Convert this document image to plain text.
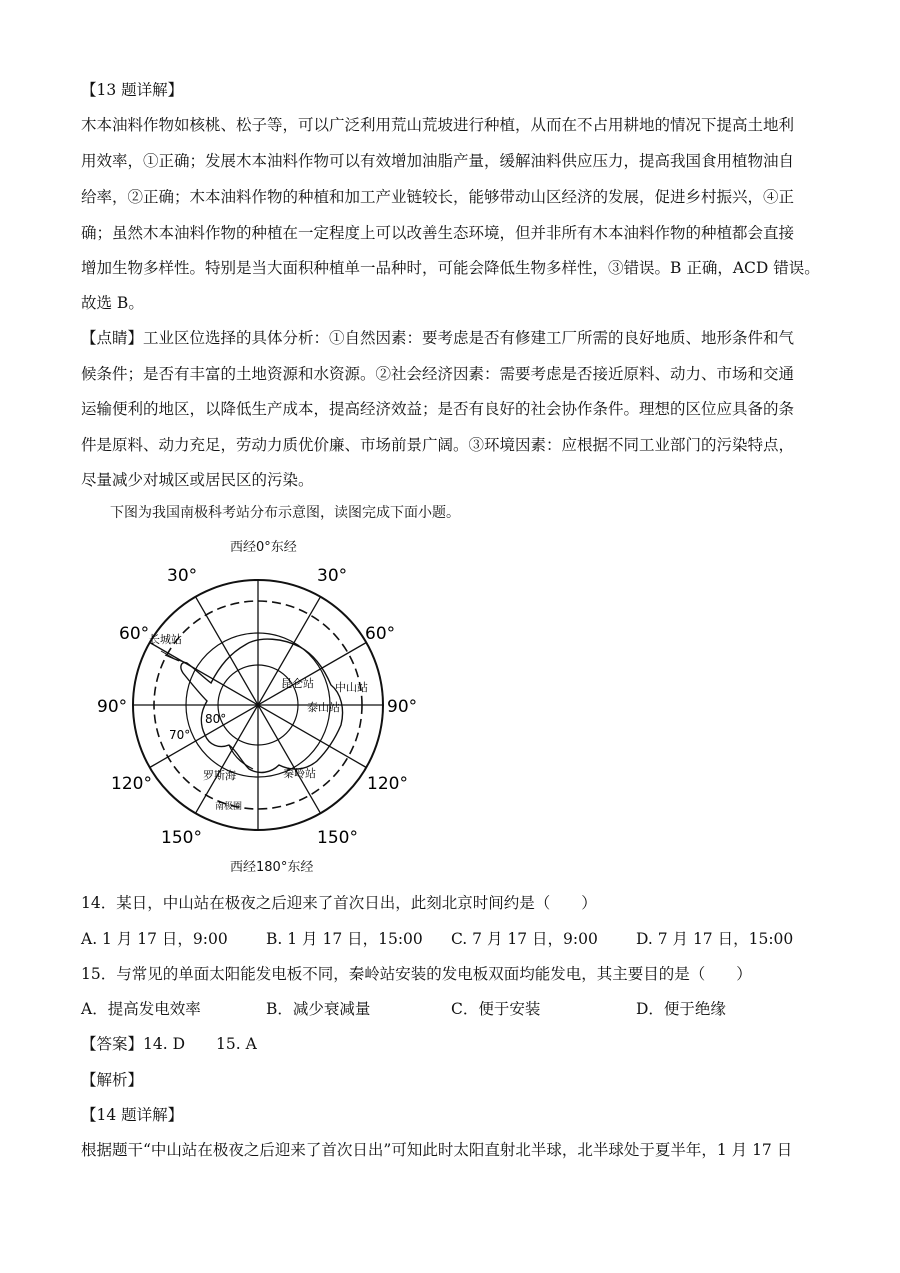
【13 题详解】
木本油料作物如核桃、松子等，可以广泛利用荒山荒坡进行种植，从而在不占用耕地的情况下提高土地利
用效率，①正确；发展木本油料作物可以有效增加油脂产量，缓解油料供应压力，提高我国食用植物油自
给率，②正确；木本油料作物的种植和加工产业链较长，能够带动山区经济的发展，促进乡村振兴，④正
确；虽然木本油料作物的种植在一定程度上可以改善生态环境，但并非所有木本油料作物的种植都会直接
增加生物多样性。特别是当大面积种植单一品种时，可能会降低生物多样性，③错误。B 正确，ACD 错误。
故选 B。
【点睛】工业区位选择的具体分析：①自然因素：要考虑是否有修建工厂所需的良好地质、地形条件和气
候条件；是否有丰富的土地资源和水资源。②社会经济因素：需要考虑是否接近原料、动力、市场和交通
运输便利的地区，以降低生产成本，提高经济效益；是否有良好的社会协作条件。理想的区位应具备的条
件是原料、动力充足，劳动力质优价廉、市场前景广阔。③环境因素：应根据不同工业部门的污染特点，
尽量减少对城区或居民区的污染。
下图为我国南极科考站分布示意图，读图完成下面小题。
30°	30°
60°	60°
90°	90°
120°	120°
150°	150°
80°
70°
长城站
昆仑站 中山站
泰山站
秦岭站
罗斯海
南极圈
西经0°东经
西经180°东经
14．某日，中山站在极夜之后迎来了首次日出，此刻北京时间约是（　　）
A. 1 月 17 日，9:00 B. 1 月 17 日，15:00 C. 7 月 17 日，9:00 D. 7 月 17 日，15:00
15．与常见的单面太阳能发电板不同，秦岭站安装的发电板双面均能发电，其主要目的是（　　）
A．提高发电效率	B．减少衰减量	C．便于安装	D．便于绝缘
【答案】14. D　　15. A
【解析】
【14 题详解】
根据题干“中山站在极夜之后迎来了首次日出”可知此时太阳直射北半球，北半球处于夏半年，1 月 17 日
